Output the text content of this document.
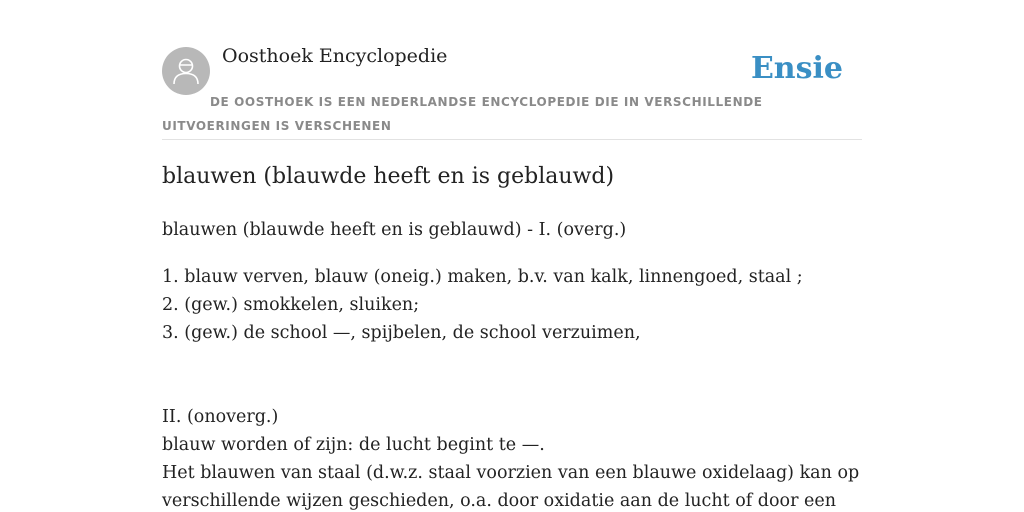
Oosthoek Encyclopedie	Ensie
DE OOSTHOEK IS EEN NEDERLANDSE ENCYCLOPEDIE DIE IN VERSCHILLENDE UITVOERINGEN IS VERSCHENEN
blauwen (blauwde heeft en is geblauwd)
blauwen (blauwde heeft en is geblauwd) - I. (overg.)
1. blauw verven, blauw (oneig.) maken, b.v. van kalk, linnengoed, staal ;
2. (gew.) smokkelen, sluiken;
3. (gew.) de school —, spijbelen, de school verzuimen,
II. (onoverg.)
blauw worden of zijn: de lucht begint te —.
Het blauwen van staal (d.w.z. staal voorzien van een blauwe oxidelaag) kan op
verschillende wijzen geschieden, o.a. door oxidatie aan de lucht of door een
